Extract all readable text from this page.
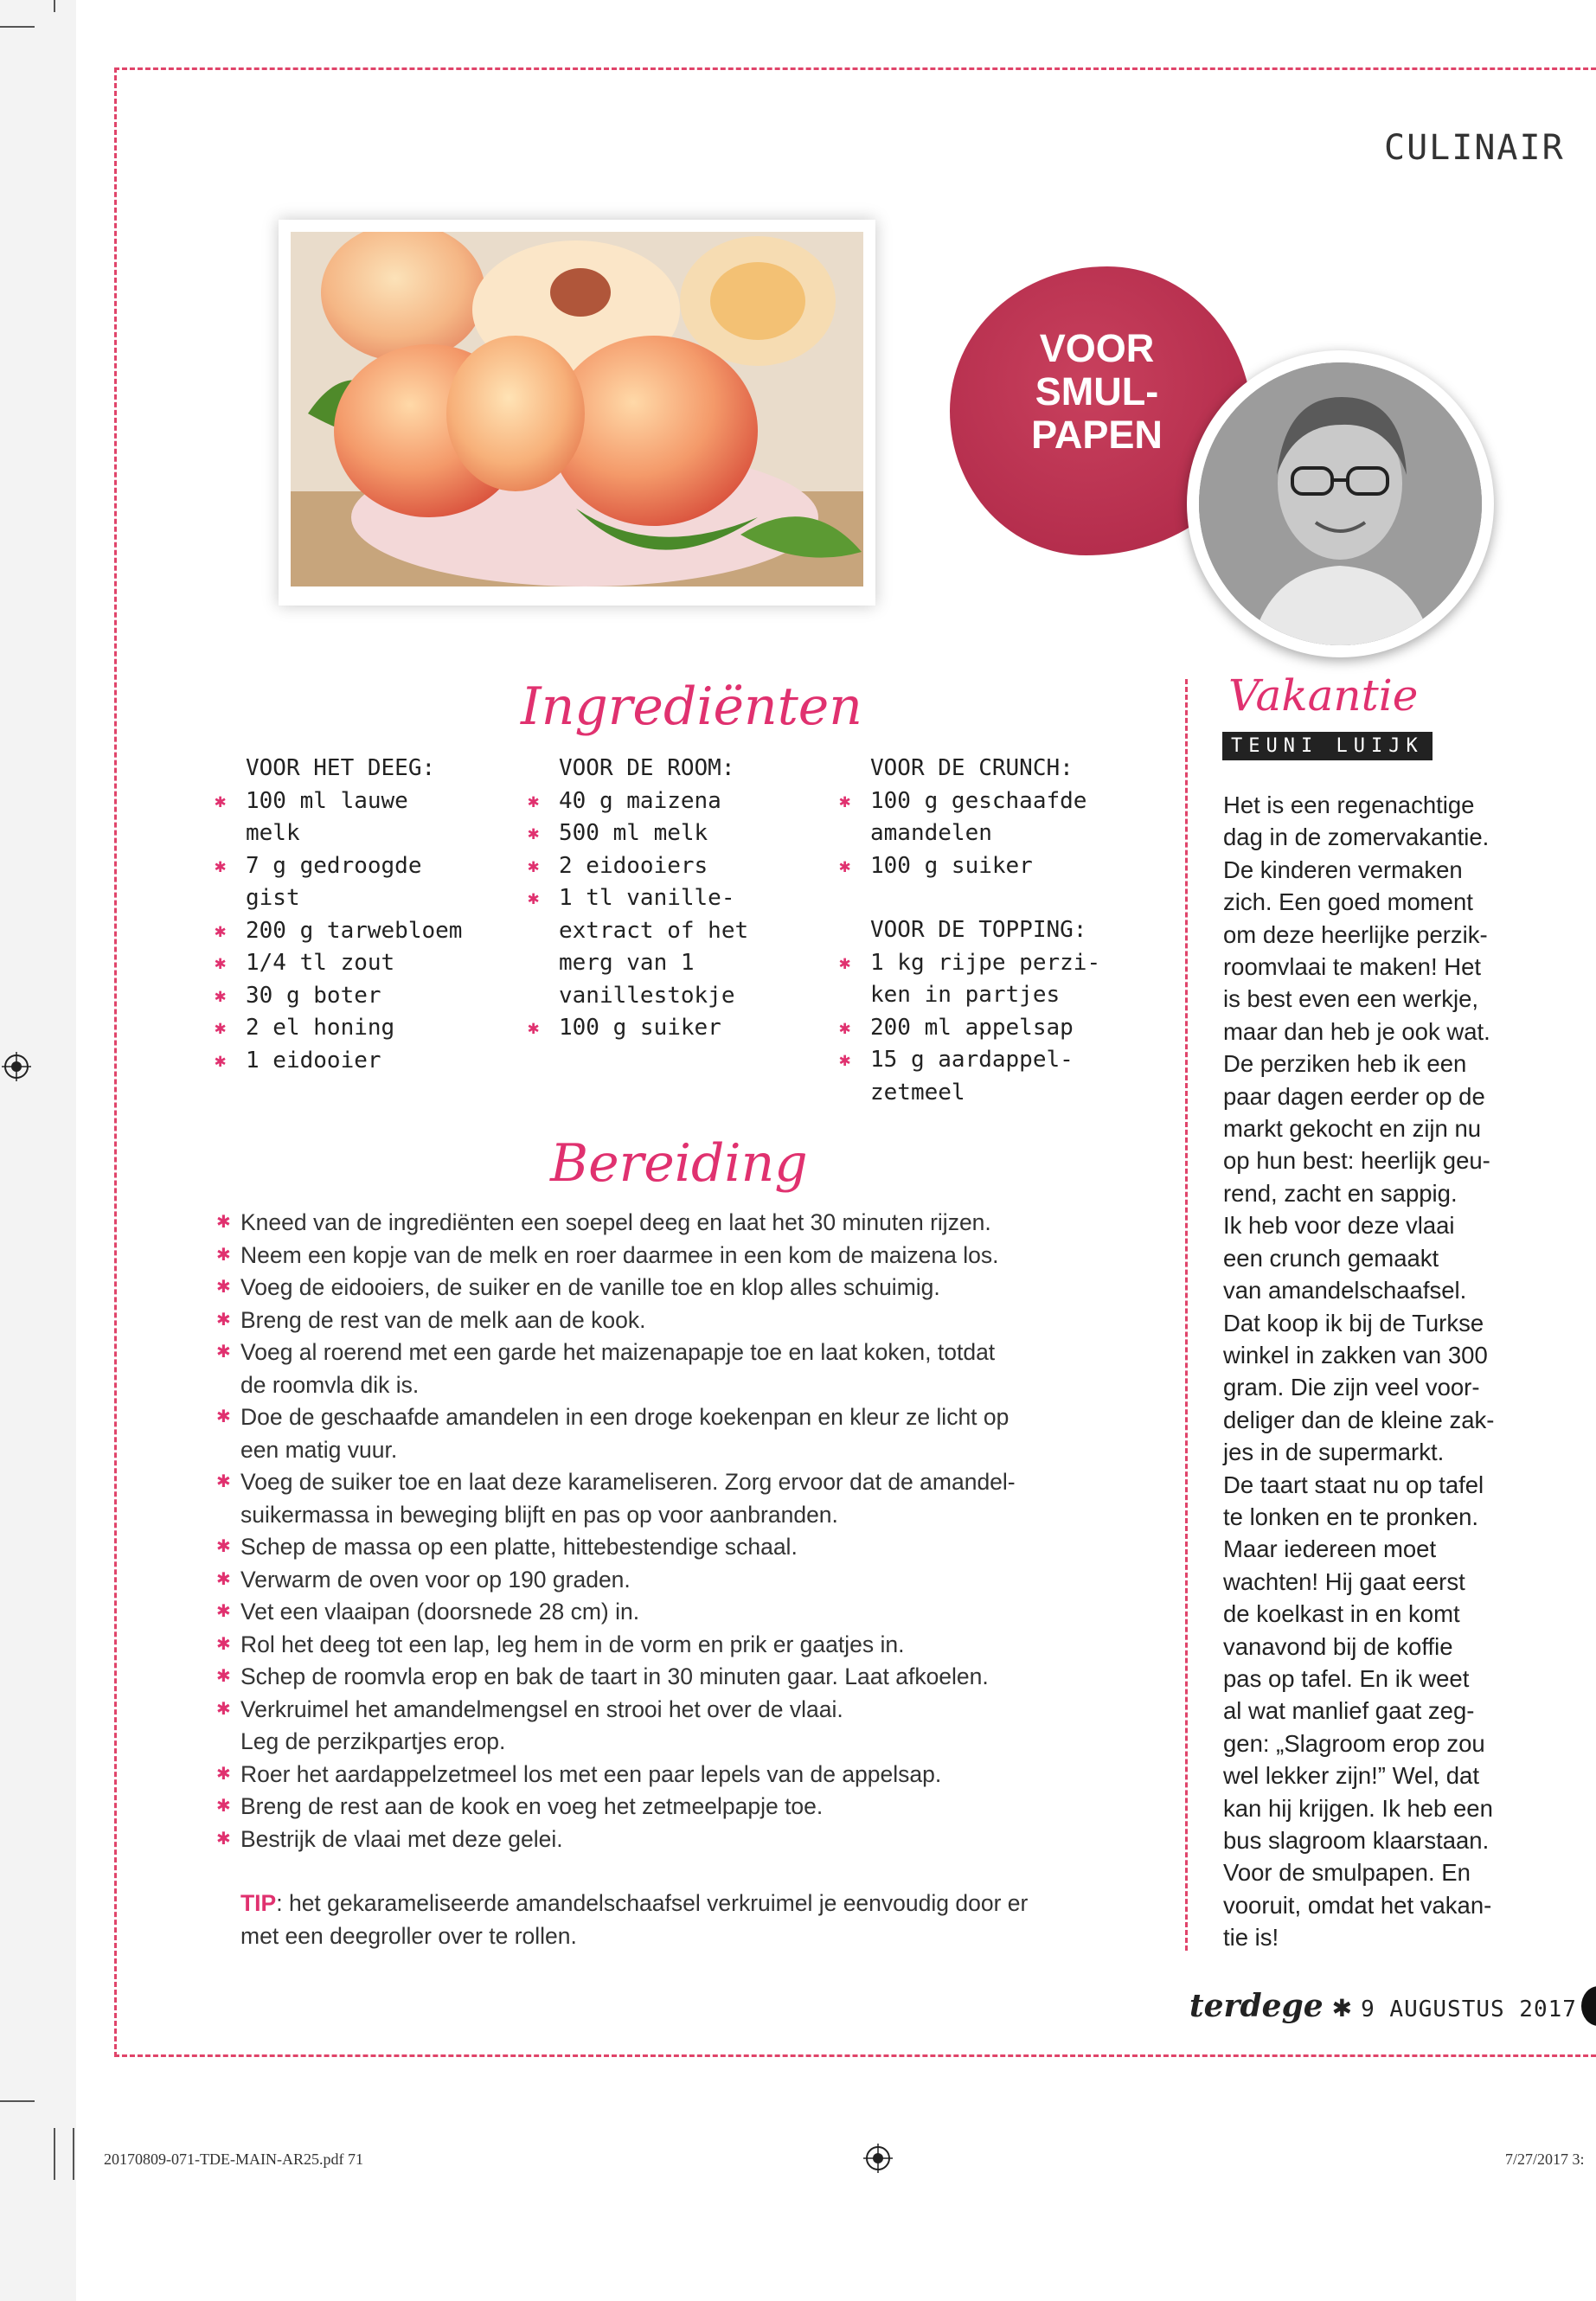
CULINAIR
VOOR
SMUL-
PAPEN
Ingrediënten
VOOR HET DEEG:
✱ 100 ml lauwe
melk
✱ 7 g gedroogde
gist
✱ 200 g tarwebloem
✱ 1/4 tl zout
✱ 30 g boter
✱ 2 el honing
✱ 1 eidooier
VOOR DE ROOM:
✱ 40 g maizena
✱ 500 ml melk
✱ 2 eidooiers
✱ 1 tl vanille-
extract of het
merg van 1
vanillestokje
✱ 100 g suiker
VOOR DE CRUNCH:
✱ 100 g geschaafde
amandelen
✱ 100 g suiker
VOOR DE TOPPING:
✱ 1 kg rijpe perzi-
ken in partjes
✱ 200 ml appelsap
✱ 15 g aardappel-
zetmeel
Bereiding
✱ Kneed van de ingrediënten een soepel deeg en laat het 30 minuten rijzen.
✱ Neem een kopje van de melk en roer daarmee in een kom de maizena los.
✱ Voeg de eidooiers, de suiker en de vanille toe en klop alles schuimig.
✱ Breng de rest van de melk aan de kook.
✱ Voeg al roerend met een garde het maizenapapje toe en laat koken, totdat
de roomvla dik is.
✱ Doe de geschaafde amandelen in een droge koekenpan en kleur ze licht op
een matig vuur.
✱ Voeg de suiker toe en laat deze karameliseren. Zorg ervoor dat de amandel-
suikermassa in beweging blijft en pas op voor aanbranden.
✱ Schep de massa op een platte, hittebestendige schaal.
✱ Verwarm de oven voor op 190 graden.
✱ Vet een vlaaipan (doorsnede 28 cm) in.
✱ Rol het deeg tot een lap, leg hem in de vorm en prik er gaatjes in.
✱ Schep de roomvla erop en bak de taart in 30 minuten gaar. Laat afkoelen.
✱ Verkruimel het amandelmengsel en strooi het over de vlaai.
Leg de perzikpartjes erop.
✱ Roer het aardappelzetmeel los met een paar lepels van de appelsap.
✱ Breng de rest aan de kook en voeg het zetmeelpapje toe.
✱ Bestrijk de vlaai met deze gelei.
TIP: het gekarameliseerde amandelschaafsel verkruimel je eenvoudig door er
met een deegroller over te rollen.
Vakantie
TEUNI LUIJK
Het is een regenachtige
dag in de zomervakantie.
De kinderen vermaken
zich. Een goed moment
om deze heerlijke perzik-
roomvlaai te maken! Het
is best even een werkje,
maar dan heb je ook wat.
De perziken heb ik een
paar dagen eerder op de
markt gekocht en zijn nu
op hun best: heerlijk geu-
rend, zacht en sappig.
Ik heb voor deze vlaai
een crunch gemaakt
van amandelschaafsel.
Dat koop ik bij de Turkse
winkel in zakken van 300
gram. Die zijn veel voor-
deliger dan de kleine zak-
jes in de supermarkt.
De taart staat nu op tafel
te lonken en te pronken.
Maar iedereen moet
wachten! Hij gaat eerst
de koelkast in en komt
vanavond bij de koffie
pas op tafel. En ik weet
al wat manlief gaat zeg-
gen: „Slagroom erop zou
wel lekker zijn!” Wel, dat
kan hij krijgen. Ik heb een
bus slagroom klaarstaan.
Voor de smulpapen. En
vooruit, omdat het vakan-
tie is!
terdege ✱ 9 AUGUSTUS 2017
20170809-071-TDE-MAIN-AR25.pdf 71	7/27/2017 3:
